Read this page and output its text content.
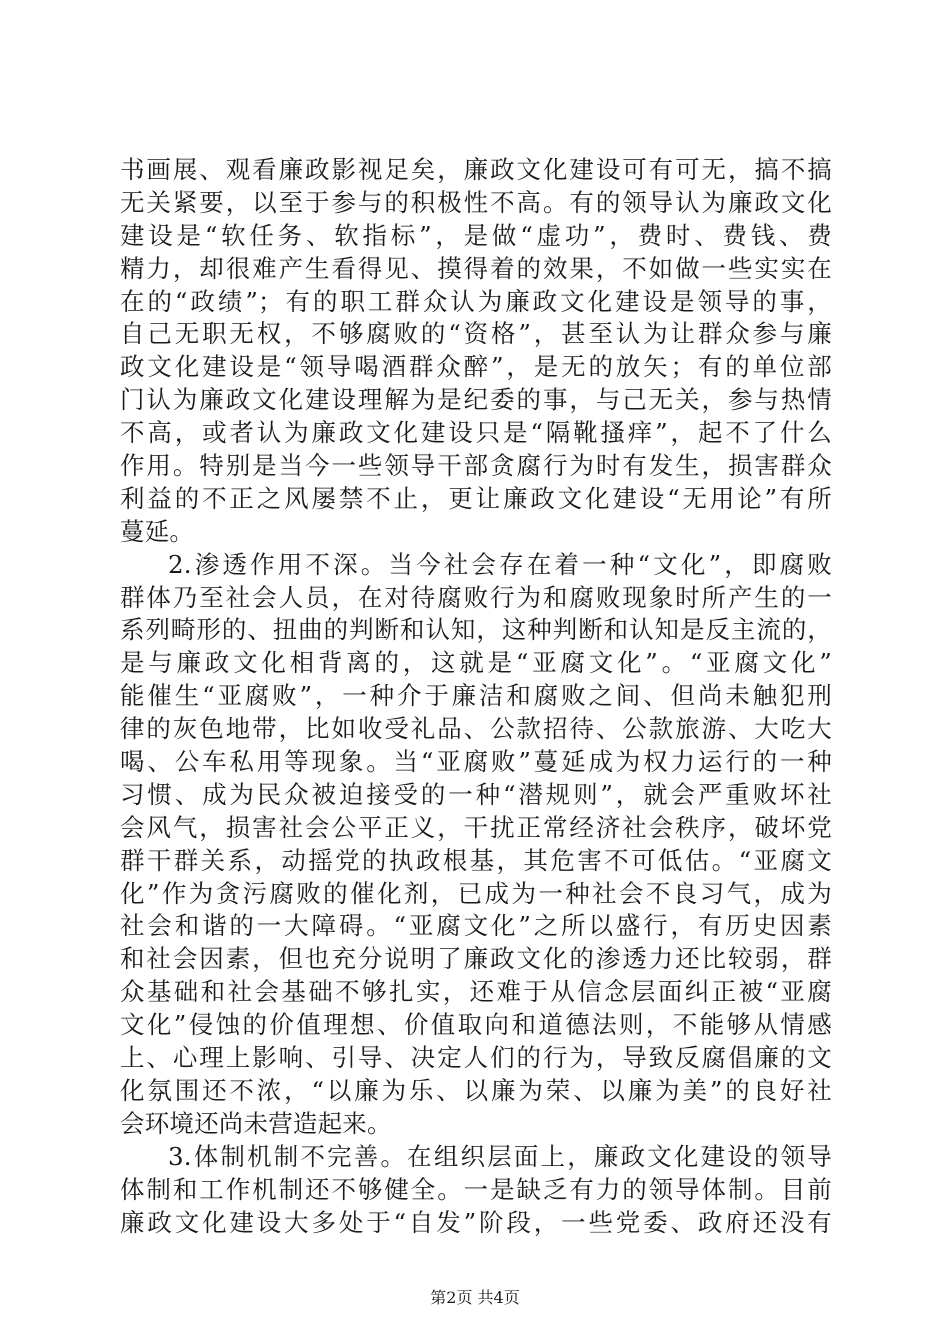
书画展、观看廉政影视足矣，廉政文化建设可有可无，搞不搞
无关紧要，以至于参与的积极性不高。有的领导认为廉政文化
建设是“软任务、软指标”，是做“虚功”，费时、费钱、费
精力，却很难产生看得见、摸得着的效果，不如做一些实实在
在的“政绩”；有的职工群众认为廉政文化建设是领导的事，
自己无职无权，不够腐败的“资格”，甚至认为让群众参与廉
政文化建设是“领导喝酒群众醉”，是无的放矢；有的单位部
门认为廉政文化建设理解为是纪委的事，与己无关，参与热情
不高，或者认为廉政文化建设只是“隔靴搔痒”，起不了什么
作用。特别是当今一些领导干部贪腐行为时有发生，损害群众
利益的不正之风屡禁不止，更让廉政文化建设“无用论”有所
蔓延。
2.渗透作用不深。当今社会存在着一种“文化”，即腐败
群体乃至社会人员，在对待腐败行为和腐败现象时所产生的一
系列畸形的、扭曲的判断和认知，这种判断和认知是反主流的，
是与廉政文化相背离的，这就是“亚腐文化”。“亚腐文化”
能催生“亚腐败”，一种介于廉洁和腐败之间、但尚未触犯刑
律的灰色地带，比如收受礼品、公款招待、公款旅游、大吃大
喝、公车私用等现象。当“亚腐败”蔓延成为权力运行的一种
习惯、成为民众被迫接受的一种“潜规则”，就会严重败坏社
会风气，损害社会公平正义，干扰正常经济社会秩序，破坏党
群干群关系，动摇党的执政根基，其危害不可低估。“亚腐文
化”作为贪污腐败的催化剂，已成为一种社会不良习气，成为
社会和谐的一大障碍。“亚腐文化”之所以盛行，有历史因素
和社会因素，但也充分说明了廉政文化的渗透力还比较弱，群
众基础和社会基础不够扎实，还难于从信念层面纠正被“亚腐
文化”侵蚀的价值理想、价值取向和道德法则，不能够从情感
上、心理上影响、引导、决定人们的行为，导致反腐倡廉的文
化氛围还不浓，“以廉为乐、以廉为荣、以廉为美”的良好社
会环境还尚未营造起来。
3.体制机制不完善。在组织层面上，廉政文化建设的领导
体制和工作机制还不够健全。一是缺乏有力的领导体制。目前
廉政文化建设大多处于“自发”阶段，一些党委、政府还没有
第2页 共4页
